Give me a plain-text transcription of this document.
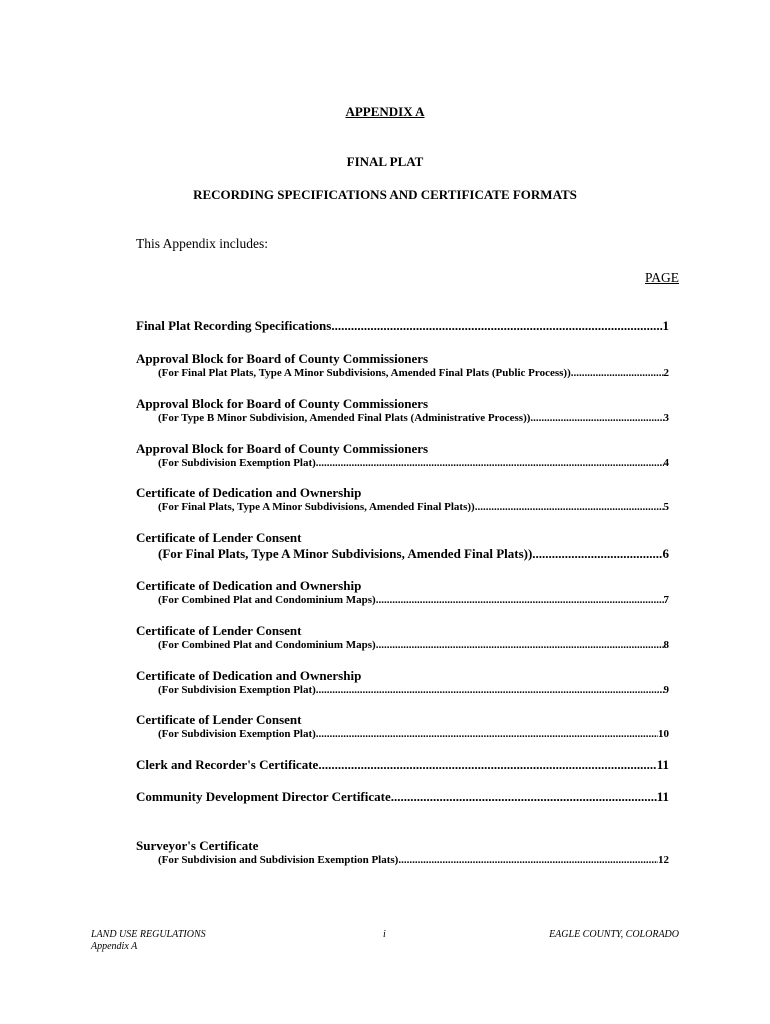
APPENDIX A
FINAL PLAT
RECORDING SPECIFICATIONS AND CERTIFICATE FORMATS
This Appendix includes:
PAGE
Final Plat Recording Specifications .....	1
Approval Block for Board of County Commissioners
(For Final Plat Plats, Type A Minor Subdivisions, Amended Final Plats (Public Process)) .....	2
Approval Block for Board of County Commissioners
(For Type B Minor Subdivision, Amended Final Plats (Administrative Process)) .....	3
Approval Block for Board of County Commissioners
(For Subdivision Exemption Plat) .....	4
Certificate of Dedication and Ownership
(For Final Plats, Type A Minor Subdivisions, Amended Final Plats)) .....	5
Certificate of Lender Consent
(For Final Plats, Type A Minor Subdivisions, Amended Final Plats)) .....	6
Certificate of Dedication and Ownership
(For Combined Plat and Condominium Maps) .....	7
Certificate of Lender Consent
(For Combined Plat and Condominium Maps) .....	8
Certificate of Dedication and Ownership
(For Subdivision Exemption Plat) .....	9
Certificate of Lender Consent
(For Subdivision Exemption Plat) .....	10
Clerk and Recorder's Certificate .....	11
Community Development Director Certificate .....	11
Surveyor's Certificate
(For Subdivision and Subdivision Exemption Plats) .....	12
LAND USE REGULATIONS
Appendix A
i	EAGLE COUNTY, COLORADO
